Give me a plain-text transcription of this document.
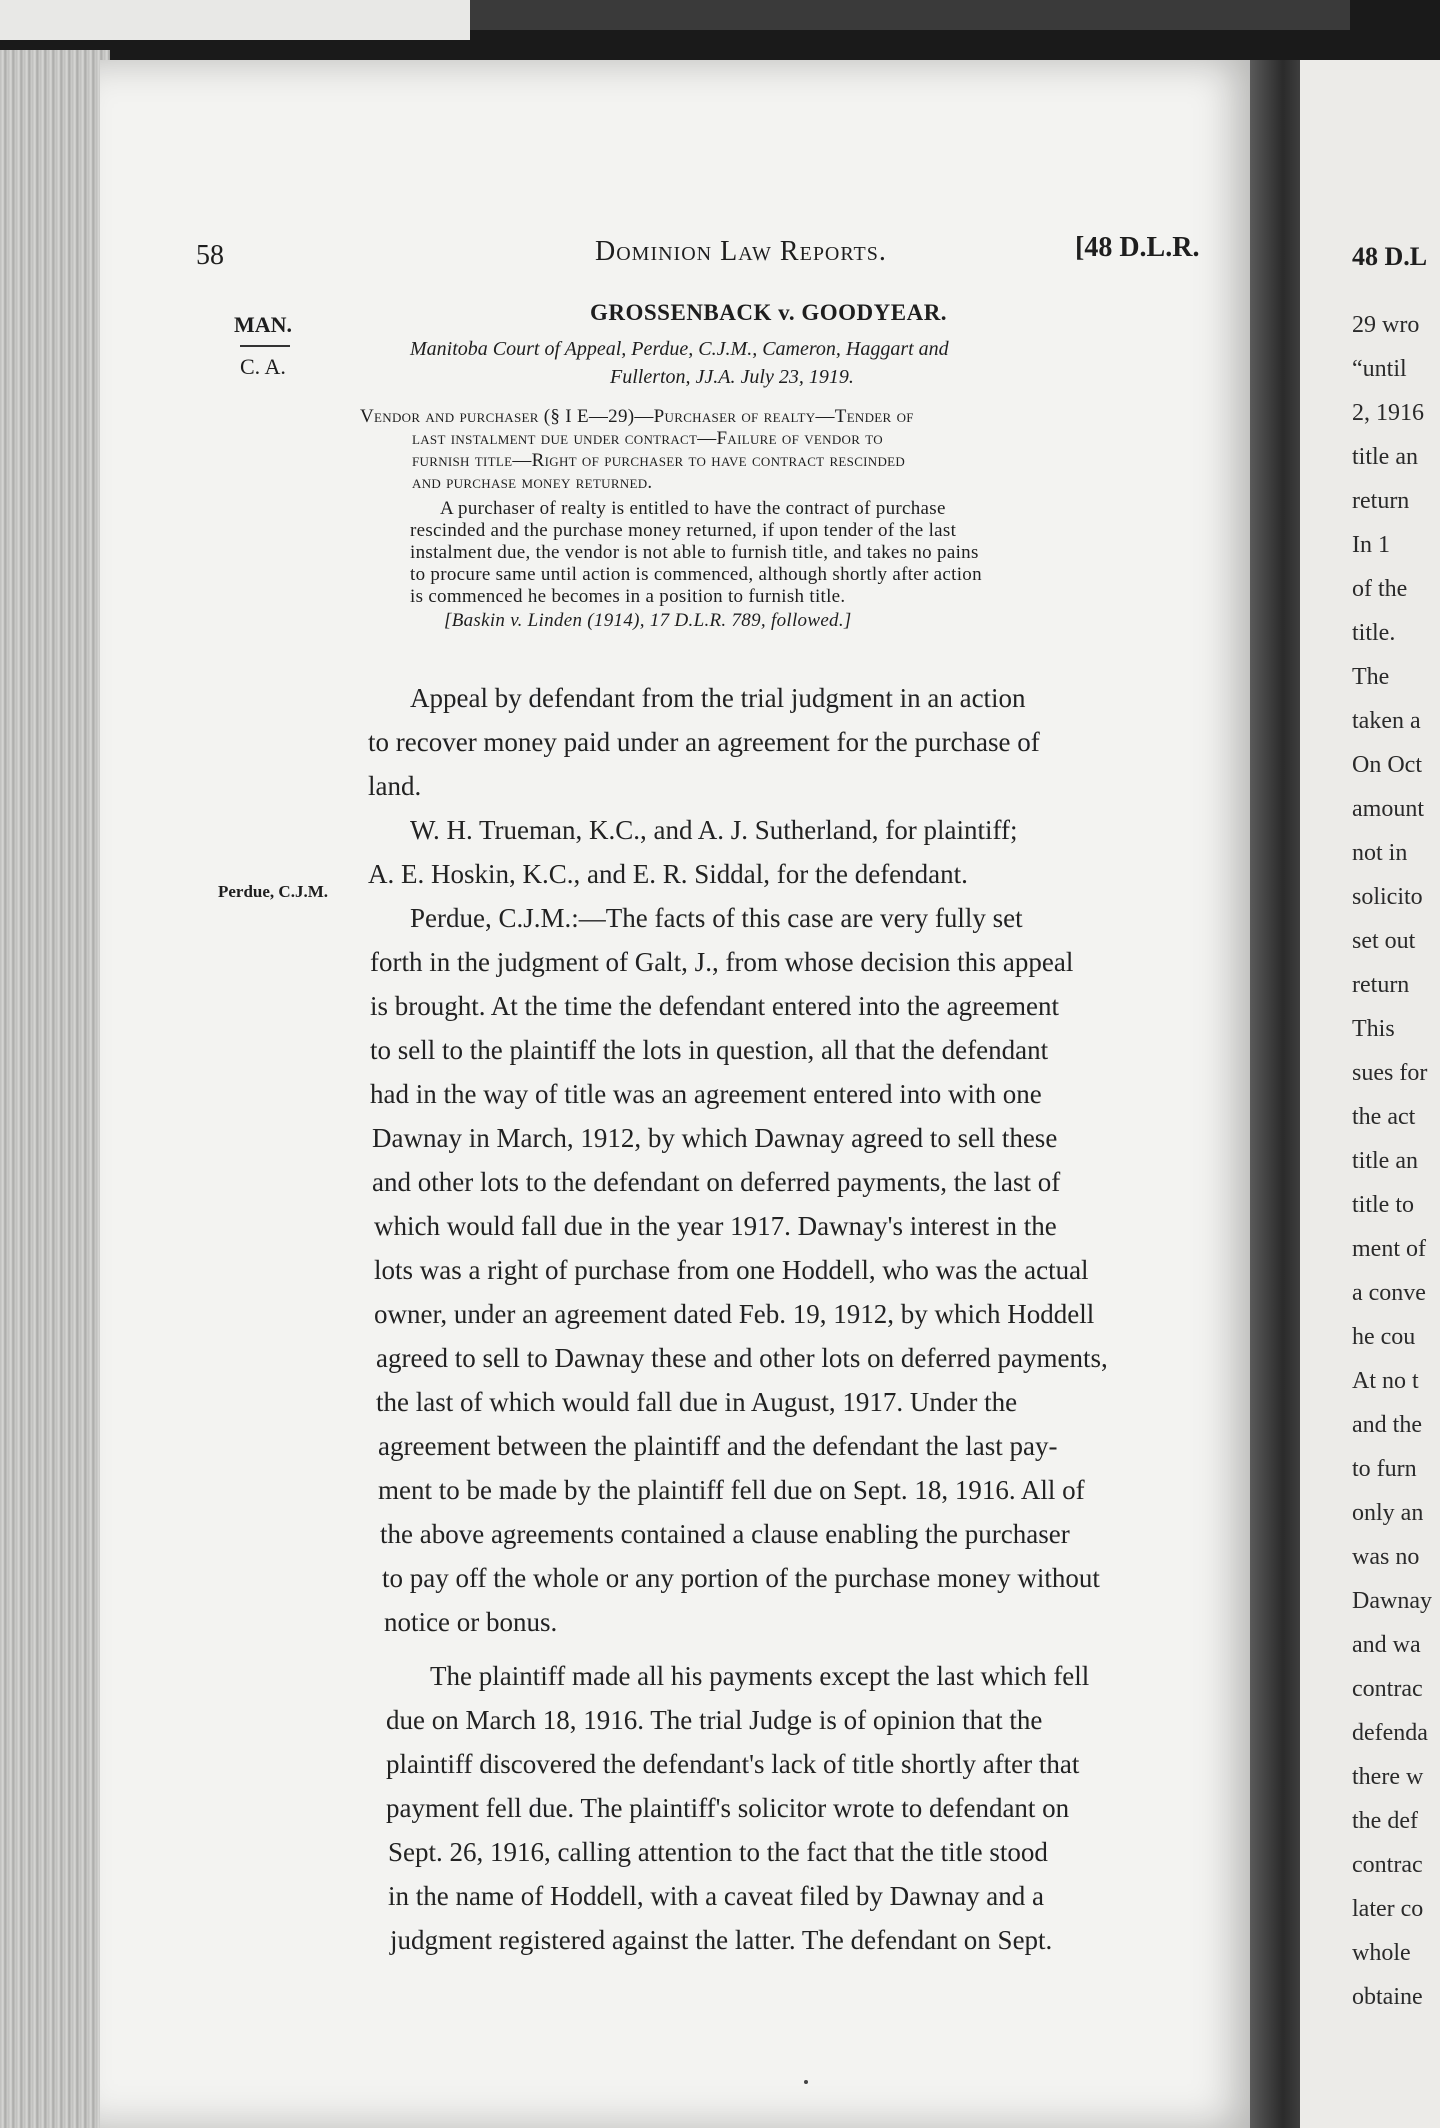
48 D.L
29 wro
“until
2, 1916
title an
return
In 1
of the
title.
The
taken a
On Oct
amount
not in
solicito
set out
return
This
sues for
the act
title an
title to
ment of
a conve
he cou
At no t
and the
to furn
only an
was no
Dawnay
and wa
contrac
defenda
there w
the def
contrac
later co
whole
obtaine
58	Dominion Law Reports.	[48 D.L.R.
MAN.
C. A.
Perdue, C.J.M.
GROSSENBACK v. GOODYEAR.
Manitoba Court of Appeal, Perdue, C.J.M., Cameron, Haggart and
Fullerton, JJ.A. July 23, 1919.
Vendor and purchaser (§ I E—29)—Purchaser of realty—Tender of
last instalment due under contract—Failure of vendor to
furnish title—Right of purchaser to have contract rescinded
and purchase money returned.
A purchaser of realty is entitled to have the contract of purchase
rescinded and the purchase money returned, if upon tender of the last
instalment due, the vendor is not able to furnish title, and takes no pains
to procure same until action is commenced, although shortly after action
is commenced he becomes in a position to furnish title.
[Baskin v. Linden (1914), 17 D.L.R. 789, followed.]
Appeal by defendant from the trial judgment in an action
to recover money paid under an agreement for the purchase of
land.
W. H. Trueman, K.C., and A. J. Sutherland, for plaintiff;
A. E. Hoskin, K.C., and E. R. Siddal, for the defendant.
Perdue, C.J.M.:—The facts of this case are very fully set
forth in the judgment of Galt, J., from whose decision this appeal
is brought. At the time the defendant entered into the agreement
to sell to the plaintiff the lots in question, all that the defendant
had in the way of title was an agreement entered into with one
Dawnay in March, 1912, by which Dawnay agreed to sell these
and other lots to the defendant on deferred payments, the last of
which would fall due in the year 1917. Dawnay's interest in the
lots was a right of purchase from one Hoddell, who was the actual
owner, under an agreement dated Feb. 19, 1912, by which Hoddell
agreed to sell to Dawnay these and other lots on deferred payments,
the last of which would fall due in August, 1917. Under the
agreement between the plaintiff and the defendant the last pay-
ment to be made by the plaintiff fell due on Sept. 18, 1916. All of
the above agreements contained a clause enabling the purchaser
to pay off the whole or any portion of the purchase money without
notice or bonus.
The plaintiff made all his payments except the last which fell
due on March 18, 1916. The trial Judge is of opinion that the
plaintiff discovered the defendant's lack of title shortly after that
payment fell due. The plaintiff's solicitor wrote to defendant on
Sept. 26, 1916, calling attention to the fact that the title stood
in the name of Hoddell, with a caveat filed by Dawnay and a
judgment registered against the latter. The defendant on Sept.
